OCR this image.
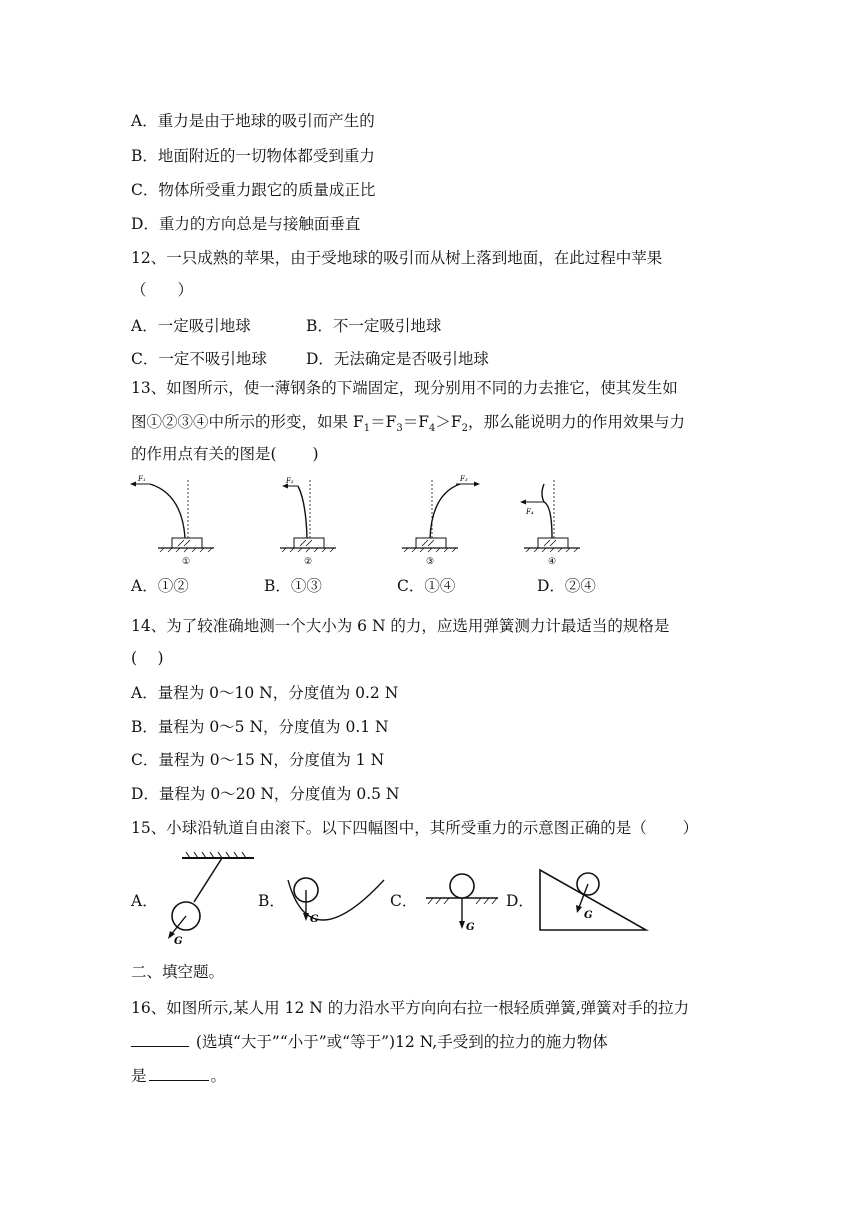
A．重力是由于地球的吸引而产生的
B．地面附近的一切物体都受到重力
C．物体所受重力跟它的质量成正比
D．重力的方向总是与接触面垂直
12、一只成熟的苹果，由于受地球的吸引而从树上落到地面，在此过程中苹果
（　　）
A．一定吸引地球	B．不一定吸引地球
C．一定不吸引地球	D．无法确定是否吸引地球
13、如图所示，使一薄钢条的下端固定，现分别用不同的力去推它，使其发生如
图①②③④中所示的形变，如果 $F_1=F_3=F_4>F_2$，那么能说明力的作用效果与力
的作用点有关的图是(　　 )
F₁
①
F₂
②
F₃
③
F₄
④
A．①②	B．①③	C．①④	D．②④
14、为了较准确地测一个大小为 6 N 的力，应选用弹簧测力计最适当的规格是
(　 )
A．量程为 0～10 N，分度值为 0.2 N
B．量程为 0～5 N，分度值为 0.1 N
C．量程为 0～15 N，分度值为 1 N
D．量程为 0～20 N，分度值为 0.5 N
15、小球沿轨道自由滚下。以下四幅图中，其所受重力的示意图正确的是（　　 ）
A．	B．	C．	D．
G
G
G
G
二、填空题。
16、如图所示,某人用 12 N 的力沿水平方向向右拉一根轻质弹簧,弹簧对手的拉力
(选填“大于”“小于”或“等于”)12 N,手受到的拉力的施力物体
是	。
